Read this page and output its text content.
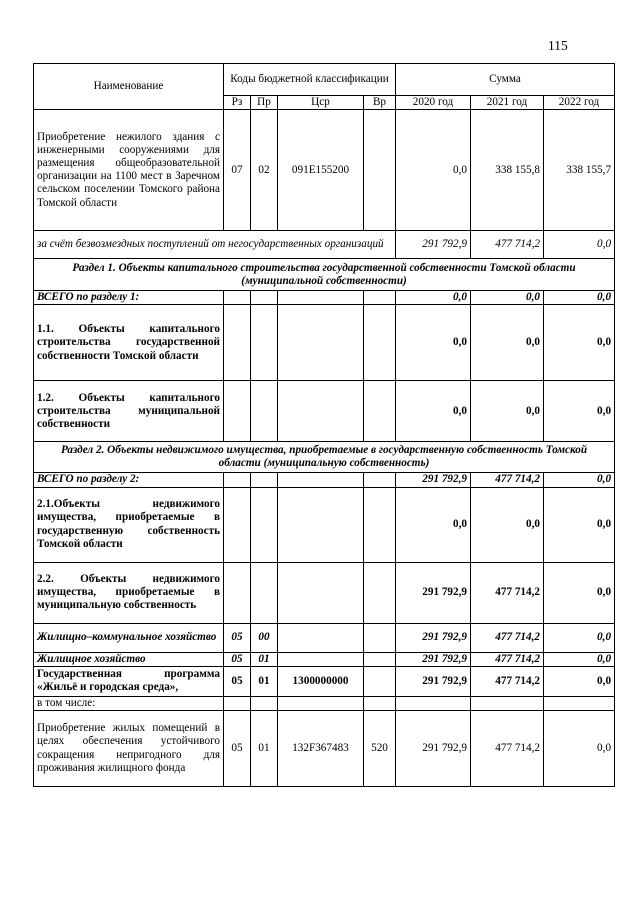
115
Наименование	Коды бюджетной классификации				Сумма		
	Рз	Пр	Цср	Вр	2020 год	2021 год	2022 год
Приобретение нежилого здания с инженерными сооружениями для размещения общеобразовательной организации на 1100 мест в Заречном сельском поселении Томского района Томской области	07	02	091E155200		0,0	338 155,8	338 155,7
за счёт безвозмездных поступлений от негосударственных организаций					291 792,9	477 714,2	0,0
Раздел 1. Объекты капитального строительства государственной собственности Томской области (муниципальной собственности)							
ВСЕГО по разделу 1:					0,0	0,0	0,0
1.1. Объекты капитального строительства государственной собственности Томской области					0,0	0,0	0,0
1.2. Объекты капитального строительства муниципальной собственности					0,0	0,0	0,0
Раздел 2. Объекты недвижимого имущества, приобретаемые в государственную собственность Томской области (муниципальную собственность)							
ВСЕГО по разделу 2:					291 792,9	477 714,2	0,0
2.1.Объекты недвижимого имущества, приобретаемые в государственную собственность Томской области					0,0	0,0	0,0
2.2. Объекты недвижимого имущества, приобретаемые в муниципальную собственность					291 792,9	477 714,2	0,0
Жилищно–коммунальное хозяйство	05	00			291 792,9	477 714,2	0,0
Жилищное хозяйство	05	01			291 792,9	477 714,2	0,0
Государственная программа «Жильё и городская среда»,	05	01	1300000000		291 792,9	477 714,2	0,0
в том числе:							
Приобретение жилых помещений в целях обеспечения устойчивого сокращения непригодного для проживания жилищного фонда	05	01	132F367483	520	291 792,9	477 714,2	0,0
